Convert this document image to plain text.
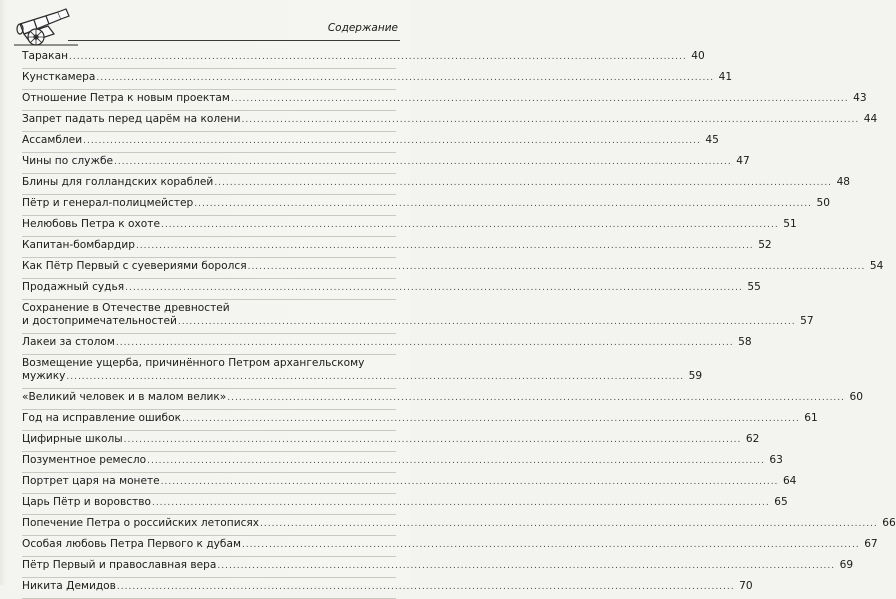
Содержание
Таракан ................................................................................................................................................................ 40
Кунсткамера ................................................................................................................................................................ 41
Отношение Петра к новым проектам ................................................................................................................................................................ 43
Запрет падать перед царём на колени ................................................................................................................................................................ 44
Ассамблеи ................................................................................................................................................................ 45
Чины по службе ................................................................................................................................................................ 47
Блины для голландских кораблей ................................................................................................................................................................ 48
Пётр и генерал-полицмейстер ................................................................................................................................................................ 50
Нелюбовь Петра к охоте ................................................................................................................................................................ 51
Капитан-бомбардир ................................................................................................................................................................ 52
Как Пётр Первый с суевериями боролся ................................................................................................................................................................ 54
Продажный судья ................................................................................................................................................................ 55
Сохранение в Отечестве древностей
и достопримечательностей ................................................................................................................................................................ 57
Лакеи за столом ................................................................................................................................................................ 58
Возмещение ущерба, причинённого Петром архангельскому
мужику ................................................................................................................................................................ 59
«Великий человек и в малом велик» ................................................................................................................................................................ 60
Год на исправление ошибок ................................................................................................................................................................ 61
Цифирные школы ................................................................................................................................................................ 62
Позументное ремесло ................................................................................................................................................................ 63
Портрет царя на монете ................................................................................................................................................................ 64
Царь Пётр и воровство ................................................................................................................................................................ 65
Попечение Петра о российских летописях ................................................................................................................................................................ 66
Особая любовь Петра Первого к дубам ................................................................................................................................................................ 67
Пётр Первый и православная вера ................................................................................................................................................................ 69
Никита Демидов ................................................................................................................................................................ 70
